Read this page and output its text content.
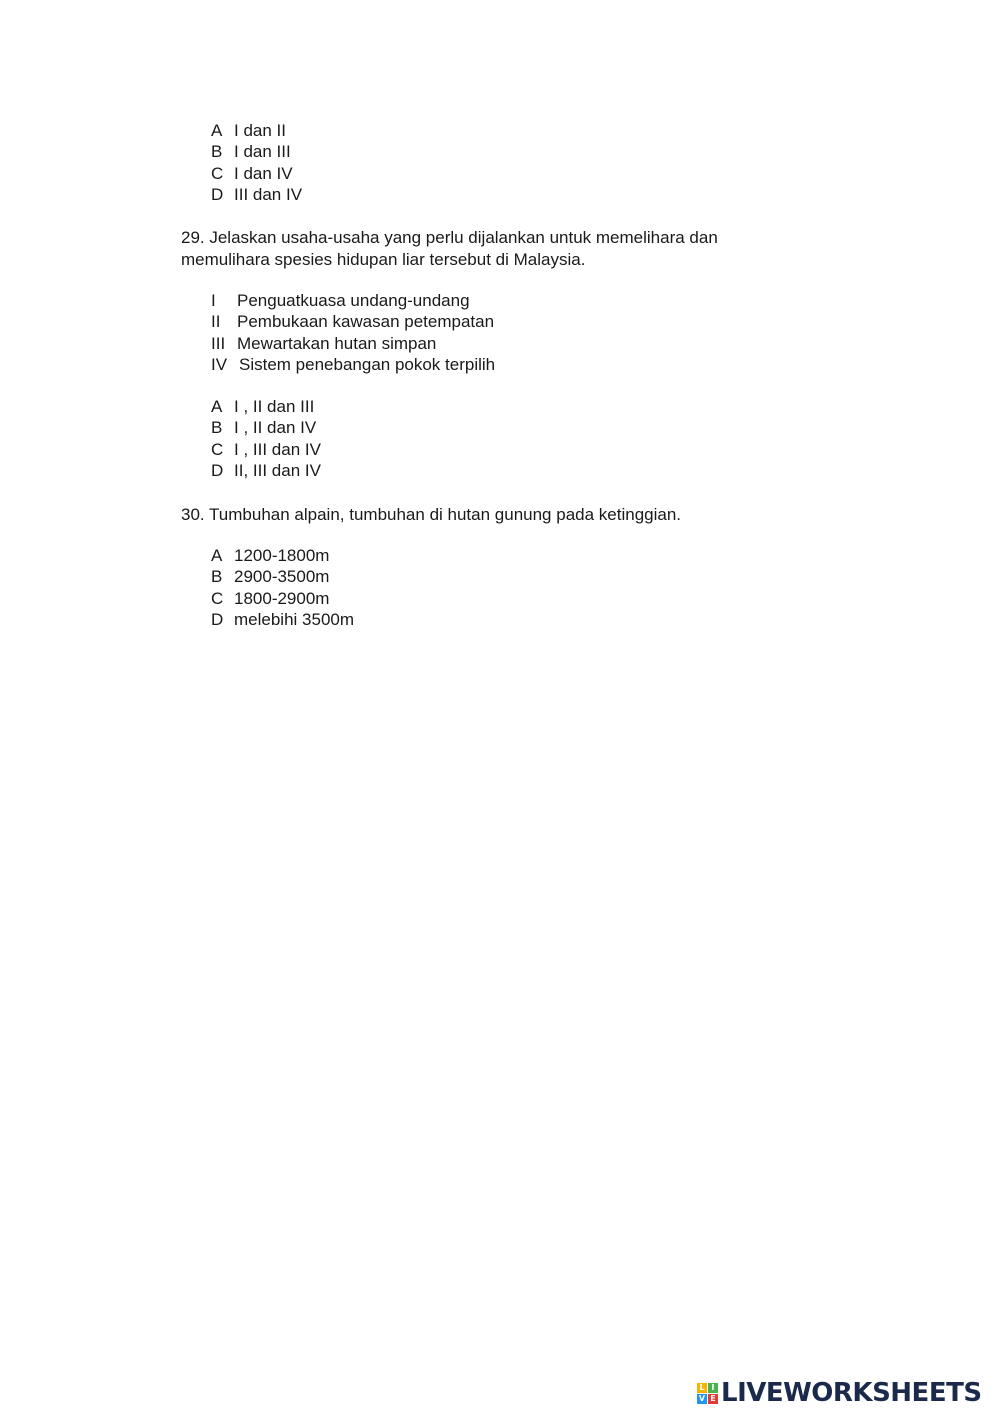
A I dan II
B I dan III
C I dan IV
D III dan IV
29. Jelaskan usaha-usaha yang perlu dijalankan untuk memelihara dan
memulihara spesies hidupan liar tersebut di Malaysia.
I Penguatkuasa undang-undang
II Pembukaan kawasan petempatan
III Mewartakan hutan simpan
IV Sistem penebangan pokok terpilih
A I , II dan III
B I , II dan IV
C I , III dan IV
D II, III dan IV
30. Tumbuhan alpain, tumbuhan di hutan gunung pada ketinggian.
A 1200-1800m
B 2900-3500m
C 1800-2900m
D melebihi 3500m
L I
V E LIVEWORKSHEETS
